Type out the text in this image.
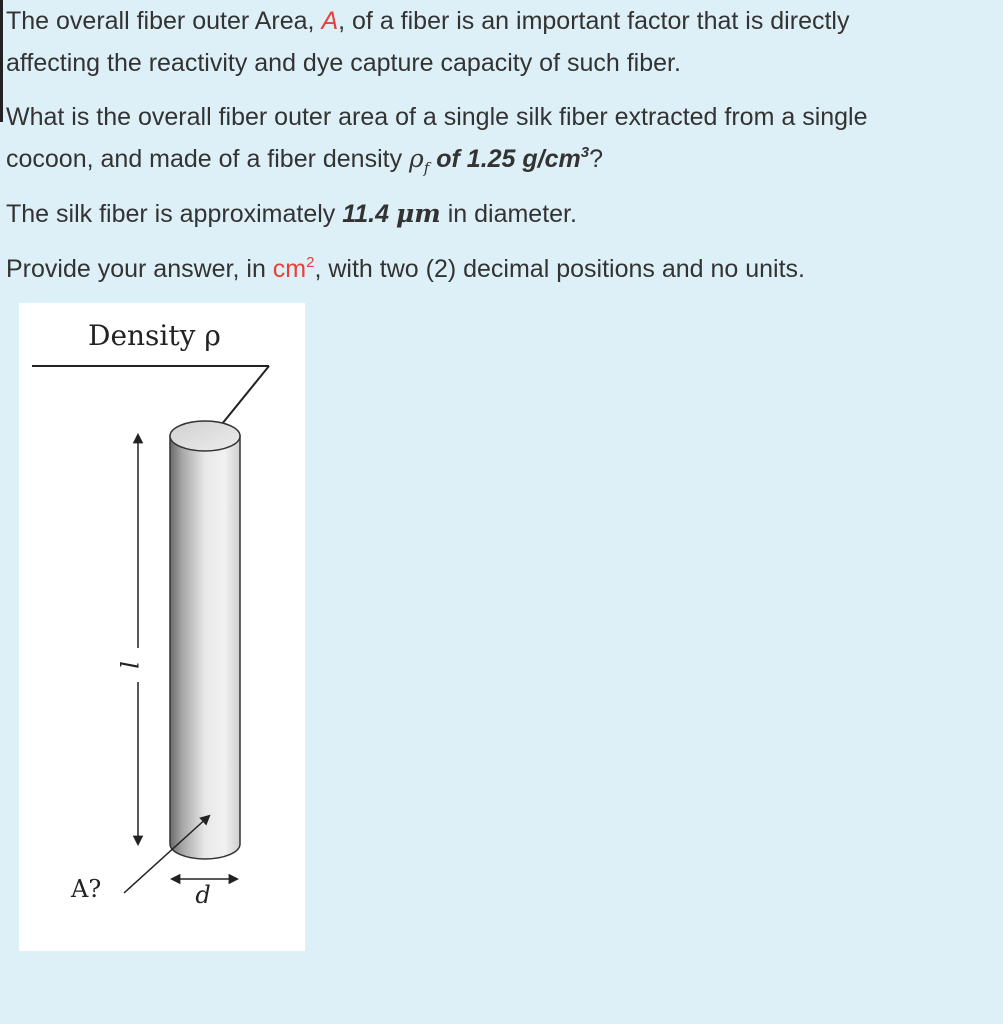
The overall fiber outer Area, A, of a fiber is an important factor that is directly
affecting the reactivity and dye capture capacity of such fiber.

What is the overall fiber outer area of a single silk fiber extracted from a single
cocoon, and made of a fiber density $\rho_f$ of 1.25 $g/cm^3$?

The silk fiber is approximately 11.4 μm in diameter.

Provide your answer, in $cm^2$, with two (2) decimal positions and no units.

Density ρ
l
A?	d
